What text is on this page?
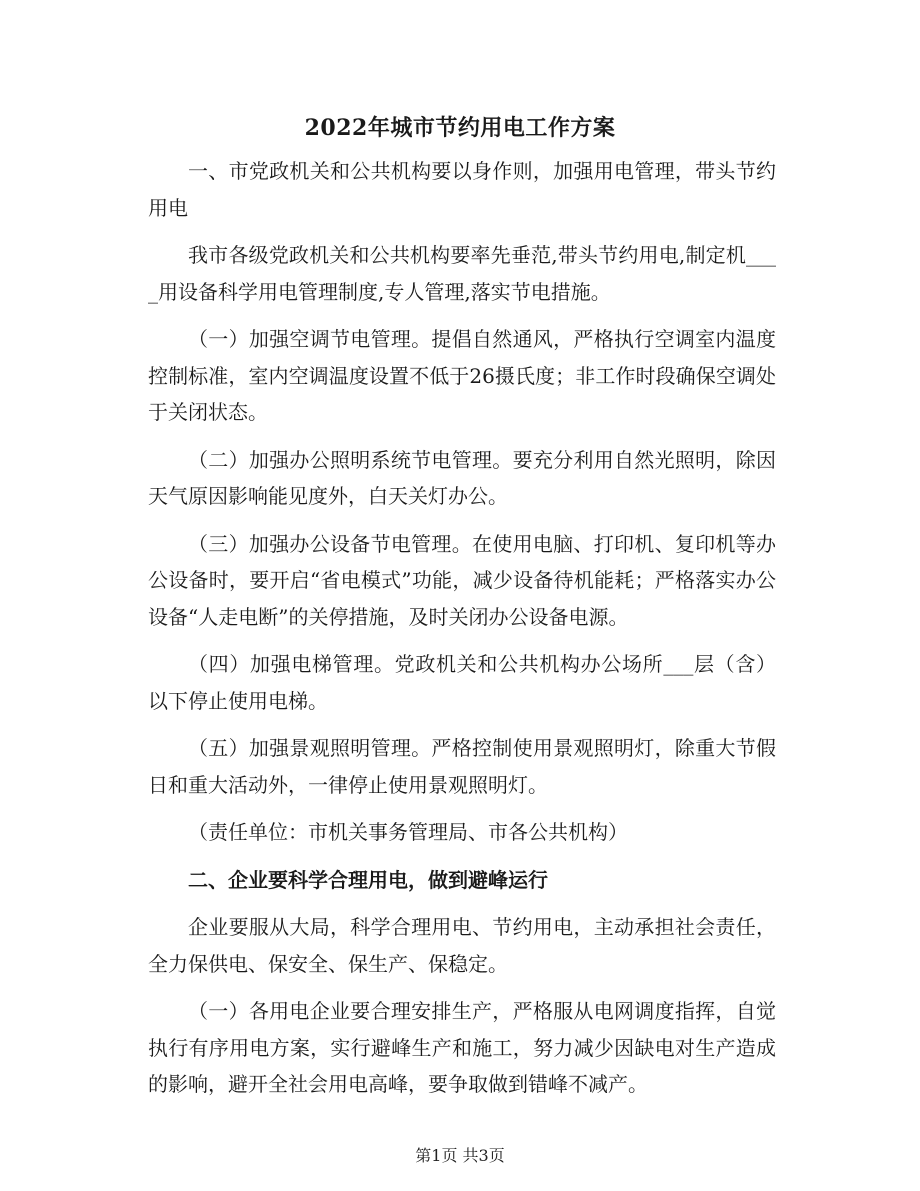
2022年城市节约用电工作方案

一、市党政机关和公共机构要以身作则，加强用电管理，带头节约用电

我市各级党政机关和公共机构要率先垂范,带头节约用电,制定机____用设备科学用电管理制度,专人管理,落实节电措施。

（一）加强空调节电管理。提倡自然通风，严格执行空调室内温度控制标准，室内空调温度设置不低于26摄氏度；非工作时段确保空调处于关闭状态。

（二）加强办公照明系统节电管理。要充分利用自然光照明，除因天气原因影响能见度外，白天关灯办公。

（三）加强办公设备节电管理。在使用电脑、打印机、复印机等办公设备时，要开启“省电模式”功能，减少设备待机能耗；严格落实办公设备“人走电断”的关停措施，及时关闭办公设备电源。

（四）加强电梯管理。党政机关和公共机构办公场所___层（含）以下停止使用电梯。

（五）加强景观照明管理。严格控制使用景观照明灯，除重大节假日和重大活动外，一律停止使用景观照明灯。

（责任单位：市机关事务管理局、市各公共机构）

二、企业要科学合理用电，做到避峰运行

企业要服从大局，科学合理用电、节约用电，主动承担社会责任，全力保供电、保安全、保生产、保稳定。

（一）各用电企业要合理安排生产，严格服从电网调度指挥，自觉执行有序用电方案，实行避峰生产和施工，努力减少因缺电对生产造成的影响，避开全社会用电高峰，要争取做到错峰不减产。

第1页 共3页
